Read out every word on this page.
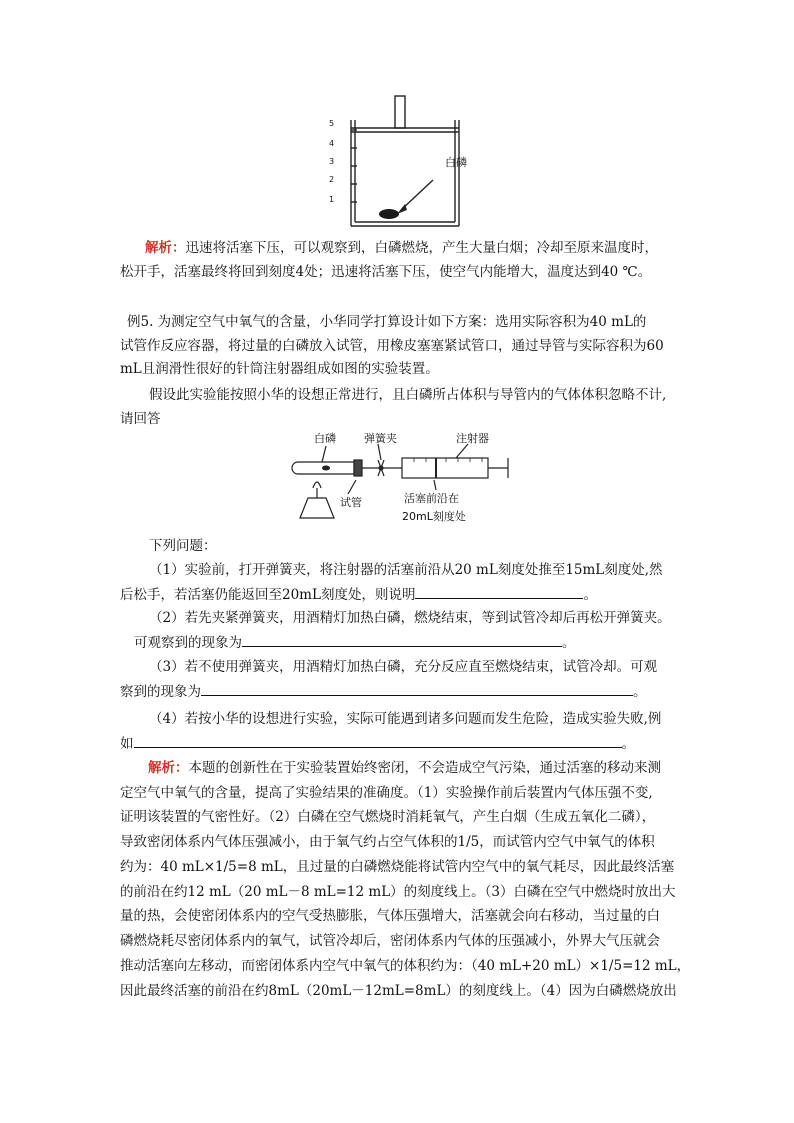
5
4
3
2
1
白磷
解析：迅速将活塞下压，可以观察到，白磷燃烧，产生大量白烟；冷却至原来温度时，
松开手，活塞最终将回到刻度4处；迅速将活塞下压，使空气内能增大，温度达到40 ℃。
例5. 为测定空气中氧气的含量，小华同学打算设计如下方案：选用实际容积为40 mL的
试管作反应容器，将过量的白磷放入试管，用橡皮塞塞紧试管口，通过导管与实际容积为60
mL且润滑性很好的针筒注射器组成如图的实验装置。
假设此实验能按照小华的设想正常进行，且白磷所占体积与导管内的气体体积忽略不计,
请回答
白磷	弹簧夹	注射器
试管	活塞前沿在
20mL刻度处
下列问题：
（1）实验前，打开弹簧夹，将注射器的活塞前沿从20 mL刻度处推至15mL刻度处,然
后松手，若活塞仍能返回至20mL刻度处，则说明	。
（2）若先夹紧弹簧夹，用酒精灯加热白磷，燃烧结束，等到试管冷却后再松开弹簧夹。
可观察到的现象为	。
（3）若不使用弹簧夹，用酒精灯加热白磷，充分反应直至燃烧结束，试管冷却。可观
察到的现象为	。
（4）若按小华的设想进行实验，实际可能遇到诸多问题而发生危险，造成实验失败,例
如	。
解析：本题的创新性在于实验装置始终密闭，不会造成空气污染，通过活塞的移动来测
定空气中氧气的含量，提高了实验结果的准确度。（1）实验操作前后装置内气体压强不变,
证明该装置的气密性好。（2）白磷在空气燃烧时消耗氧气，产生白烟（生成五氧化二磷），
导致密闭体系内气体压强减小，由于氧气约占空气体积的1/5，而试管内空气中氧气的体积
约为：40 mL×1/5=8 mL，且过量的白磷燃烧能将试管内空气中的氧气耗尽，因此最终活塞
的前沿在约12 mL（20 mL－8 mL=12 mL）的刻度线上。（3）白磷在空气中燃烧时放出大
量的热，会使密闭体系内的空气受热膨胀，气体压强增大，活塞就会向右移动，当过量的白
磷燃烧耗尽密闭体系内的氧气，试管冷却后，密闭体系内气体的压强减小，外界大气压就会
推动活塞向左移动，而密闭体系内空气中氧气的体积约为：（40 mL+20 mL）×1/5=12 mL，
因此最终活塞的前沿在约8mL（20mL－12mL=8mL）的刻度线上。（4）因为白磷燃烧放出
